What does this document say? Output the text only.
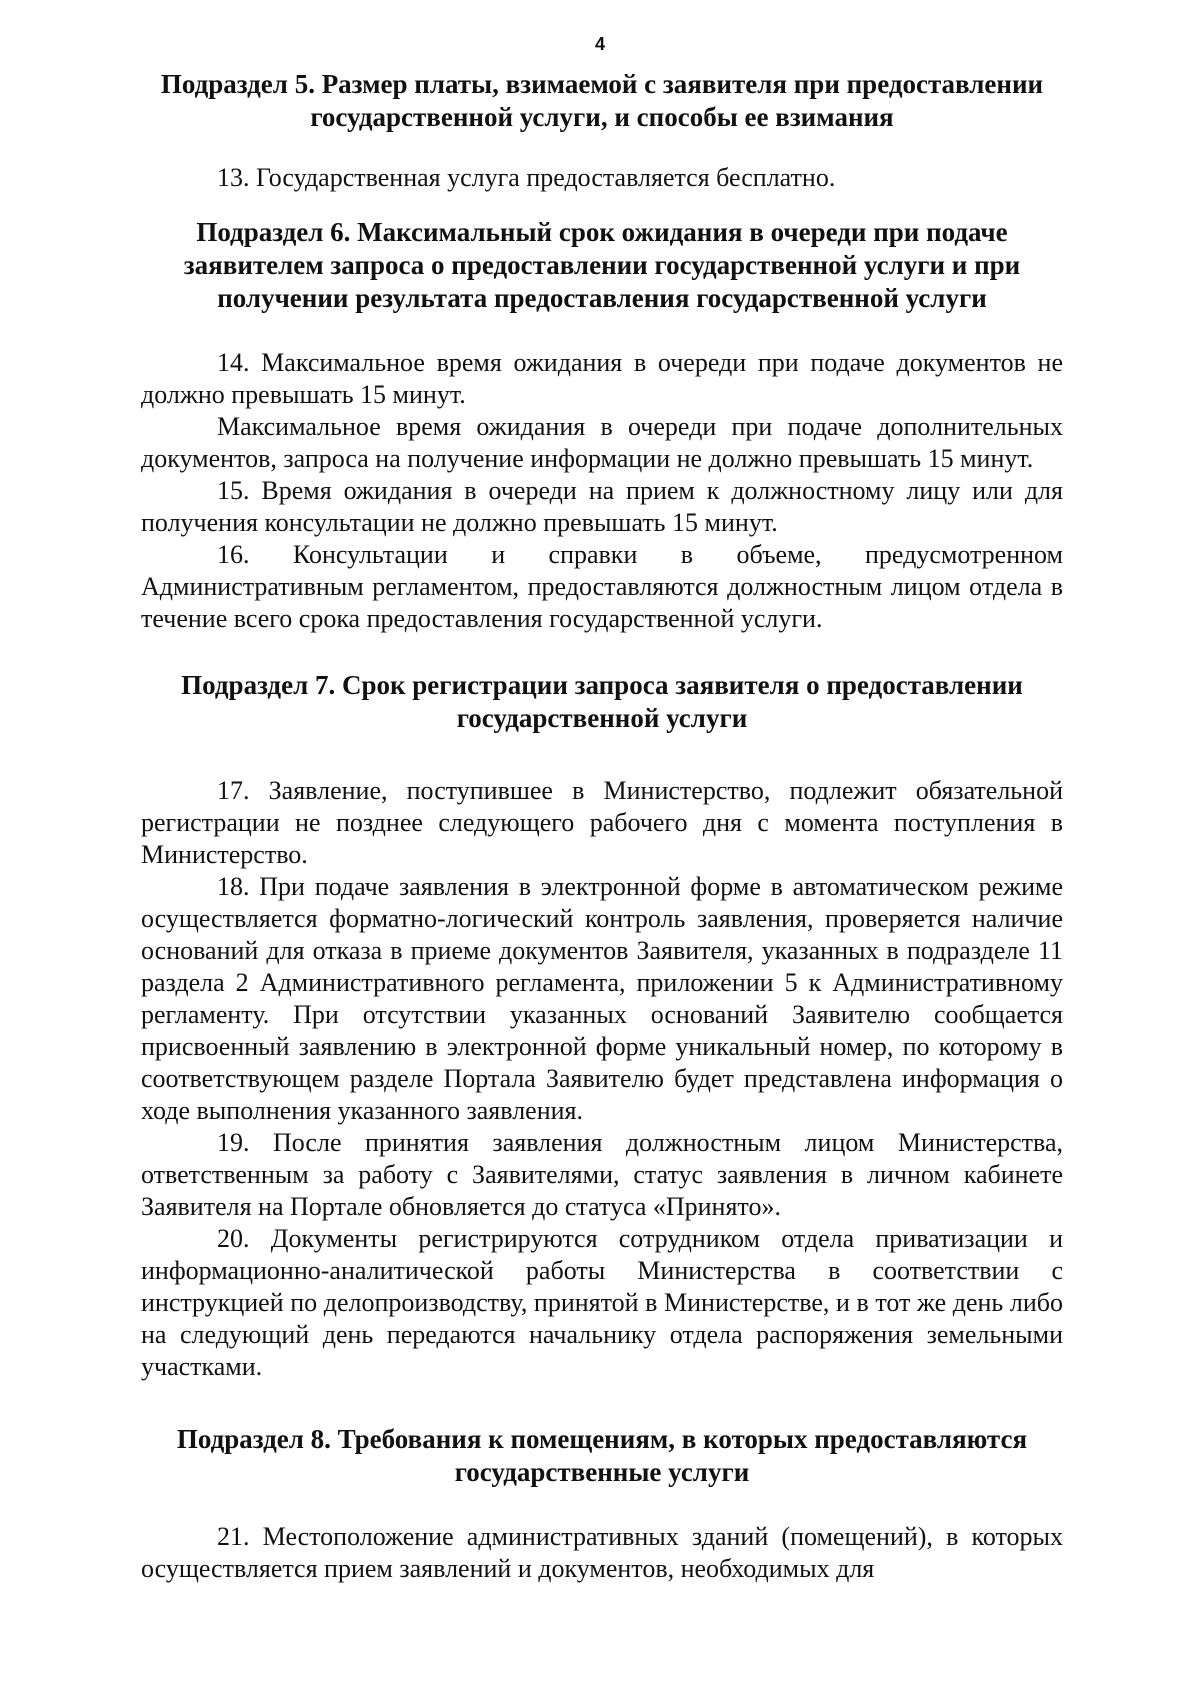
4
Подраздел 5. Размер платы, взимаемой с заявителя при предоставлении государственной услуги, и способы ее взимания

13. Государственная услуга предоставляется бесплатно.

Подраздел 6. Максимальный срок ожидания в очереди при подаче заявителем запроса о предоставлении государственной услуги и при получении результата предоставления государственной услуги

14. Максимальное время ожидания в очереди при подаче документов не должно превышать 15 минут.

Максимальное время ожидания в очереди при подаче дополнительных документов, запроса на получение информации не должно превышать 15 минут.

15. Время ожидания в очереди на прием к должностному лицу или для получения консультации не должно превышать 15 минут.

16. Консультации и справки в объеме, предусмотренном Административным регламентом, предоставляются должностным лицом отдела в течение всего срока предоставления государственной услуги.

Подраздел 7. Срок регистрации запроса заявителя о предоставлении государственной услуги

17. Заявление, поступившее в Министерство, подлежит обязательной регистрации не позднее следующего рабочего дня с момента поступления в Министерство.

18. При подаче заявления в электронной форме в автоматическом режиме осуществляется форматно-логический контроль заявления, проверяется наличие оснований для отказа в приеме документов Заявителя, указанных в подразделе 11 раздела 2 Административного регламента, приложении 5 к Административному регламенту. При отсутствии указанных оснований Заявителю сообщается присвоенный заявлению в электронной форме уникальный номер, по которому в соответствующем разделе Портала Заявителю будет представлена информация о ходе выполнения указанного заявления.

19. После принятия заявления должностным лицом Министерства, ответственным за работу с Заявителями, статус заявления в личном кабинете Заявителя на Портале обновляется до статуса «Принято».

20. Документы регистрируются сотрудником отдела приватизации и информационно-аналитической работы Министерства в соответствии с инструкцией по делопроизводству, принятой в Министерстве, и в тот же день либо на следующий день передаются начальнику отдела распоряжения земельными участками.

Подраздел 8. Требования к помещениям, в которых предоставляются государственные услуги

21. Местоположение административных зданий (помещений), в которых осуществляется прием заявлений и документов, необходимых для
